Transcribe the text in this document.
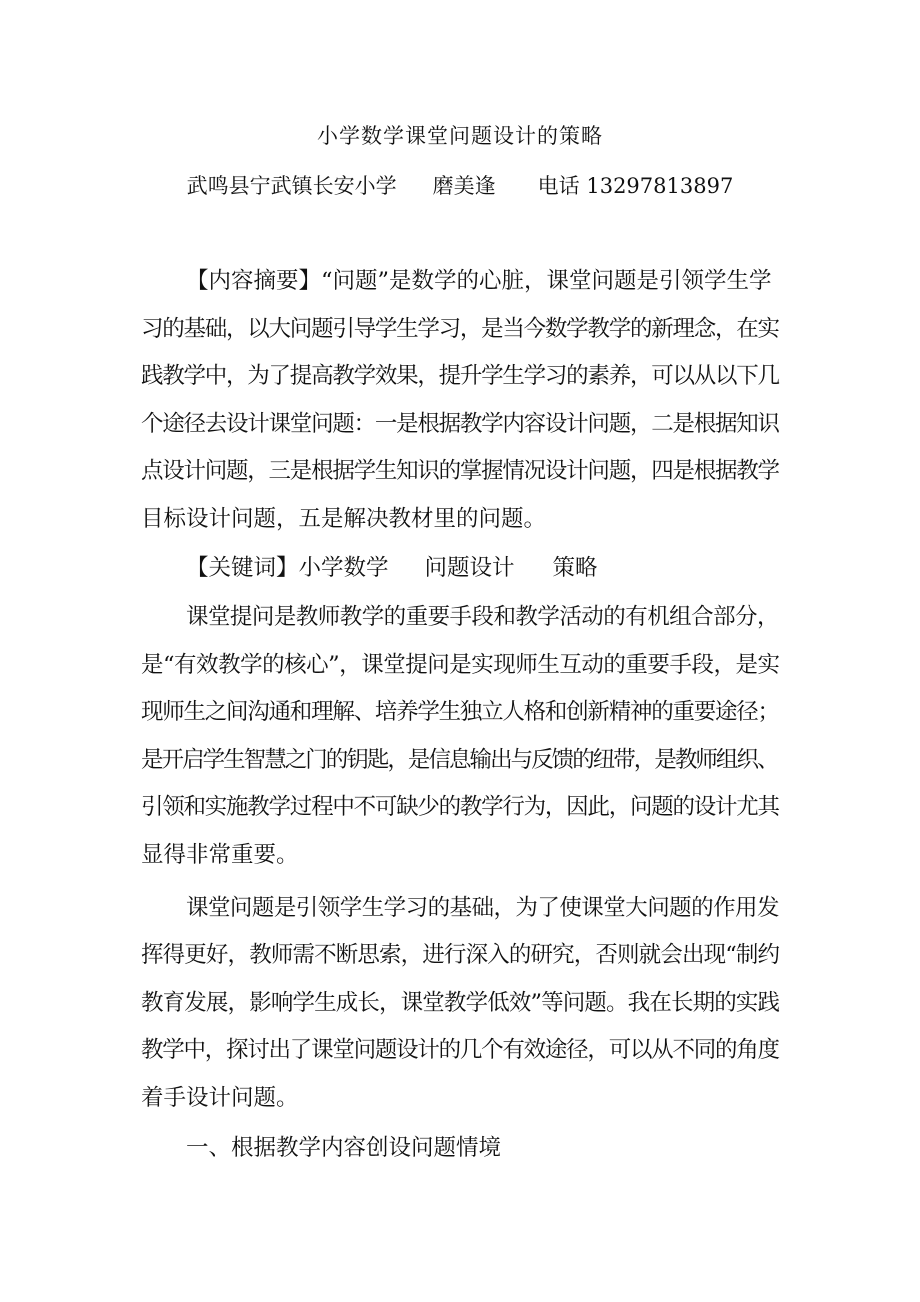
小学数学课堂问题设计的策略
武鸣县宁武镇长安小学 磨美逢 电话 13297813897
【内容摘要】“问题”是数学的心脏，课堂问题是引领学生学
习的基础，以大问题引导学生学习，是当今数学教学的新理念，在实
践教学中，为了提高教学效果，提升学生学习的素养，可以从以下几
个途径去设计课堂问题：一是根据教学内容设计问题，二是根据知识
点设计问题，三是根据学生知识的掌握情况设计问题，四是根据教学
目标设计问题，五是解决教材里的问题。
【关键词】小学数学 问题设计 策略
课堂提问是教师教学的重要手段和教学活动的有机组合部分，
是“有效教学的核心”，课堂提问是实现师生互动的重要手段，是实
现师生之间沟通和理解、培养学生独立人格和创新精神的重要途径；
是开启学生智慧之门的钥匙，是信息输出与反馈的纽带，是教师组织、
引领和实施教学过程中不可缺少的教学行为，因此，问题的设计尤其
显得非常重要。
课堂问题是引领学生学习的基础，为了使课堂大问题的作用发
挥得更好，教师需不断思索，进行深入的研究，否则就会出现“制约
教育发展，影响学生成长，课堂教学低效”等问题。我在长期的实践
教学中，探讨出了课堂问题设计的几个有效途径，可以从不同的角度
着手设计问题。
一、根据教学内容创设问题情境
